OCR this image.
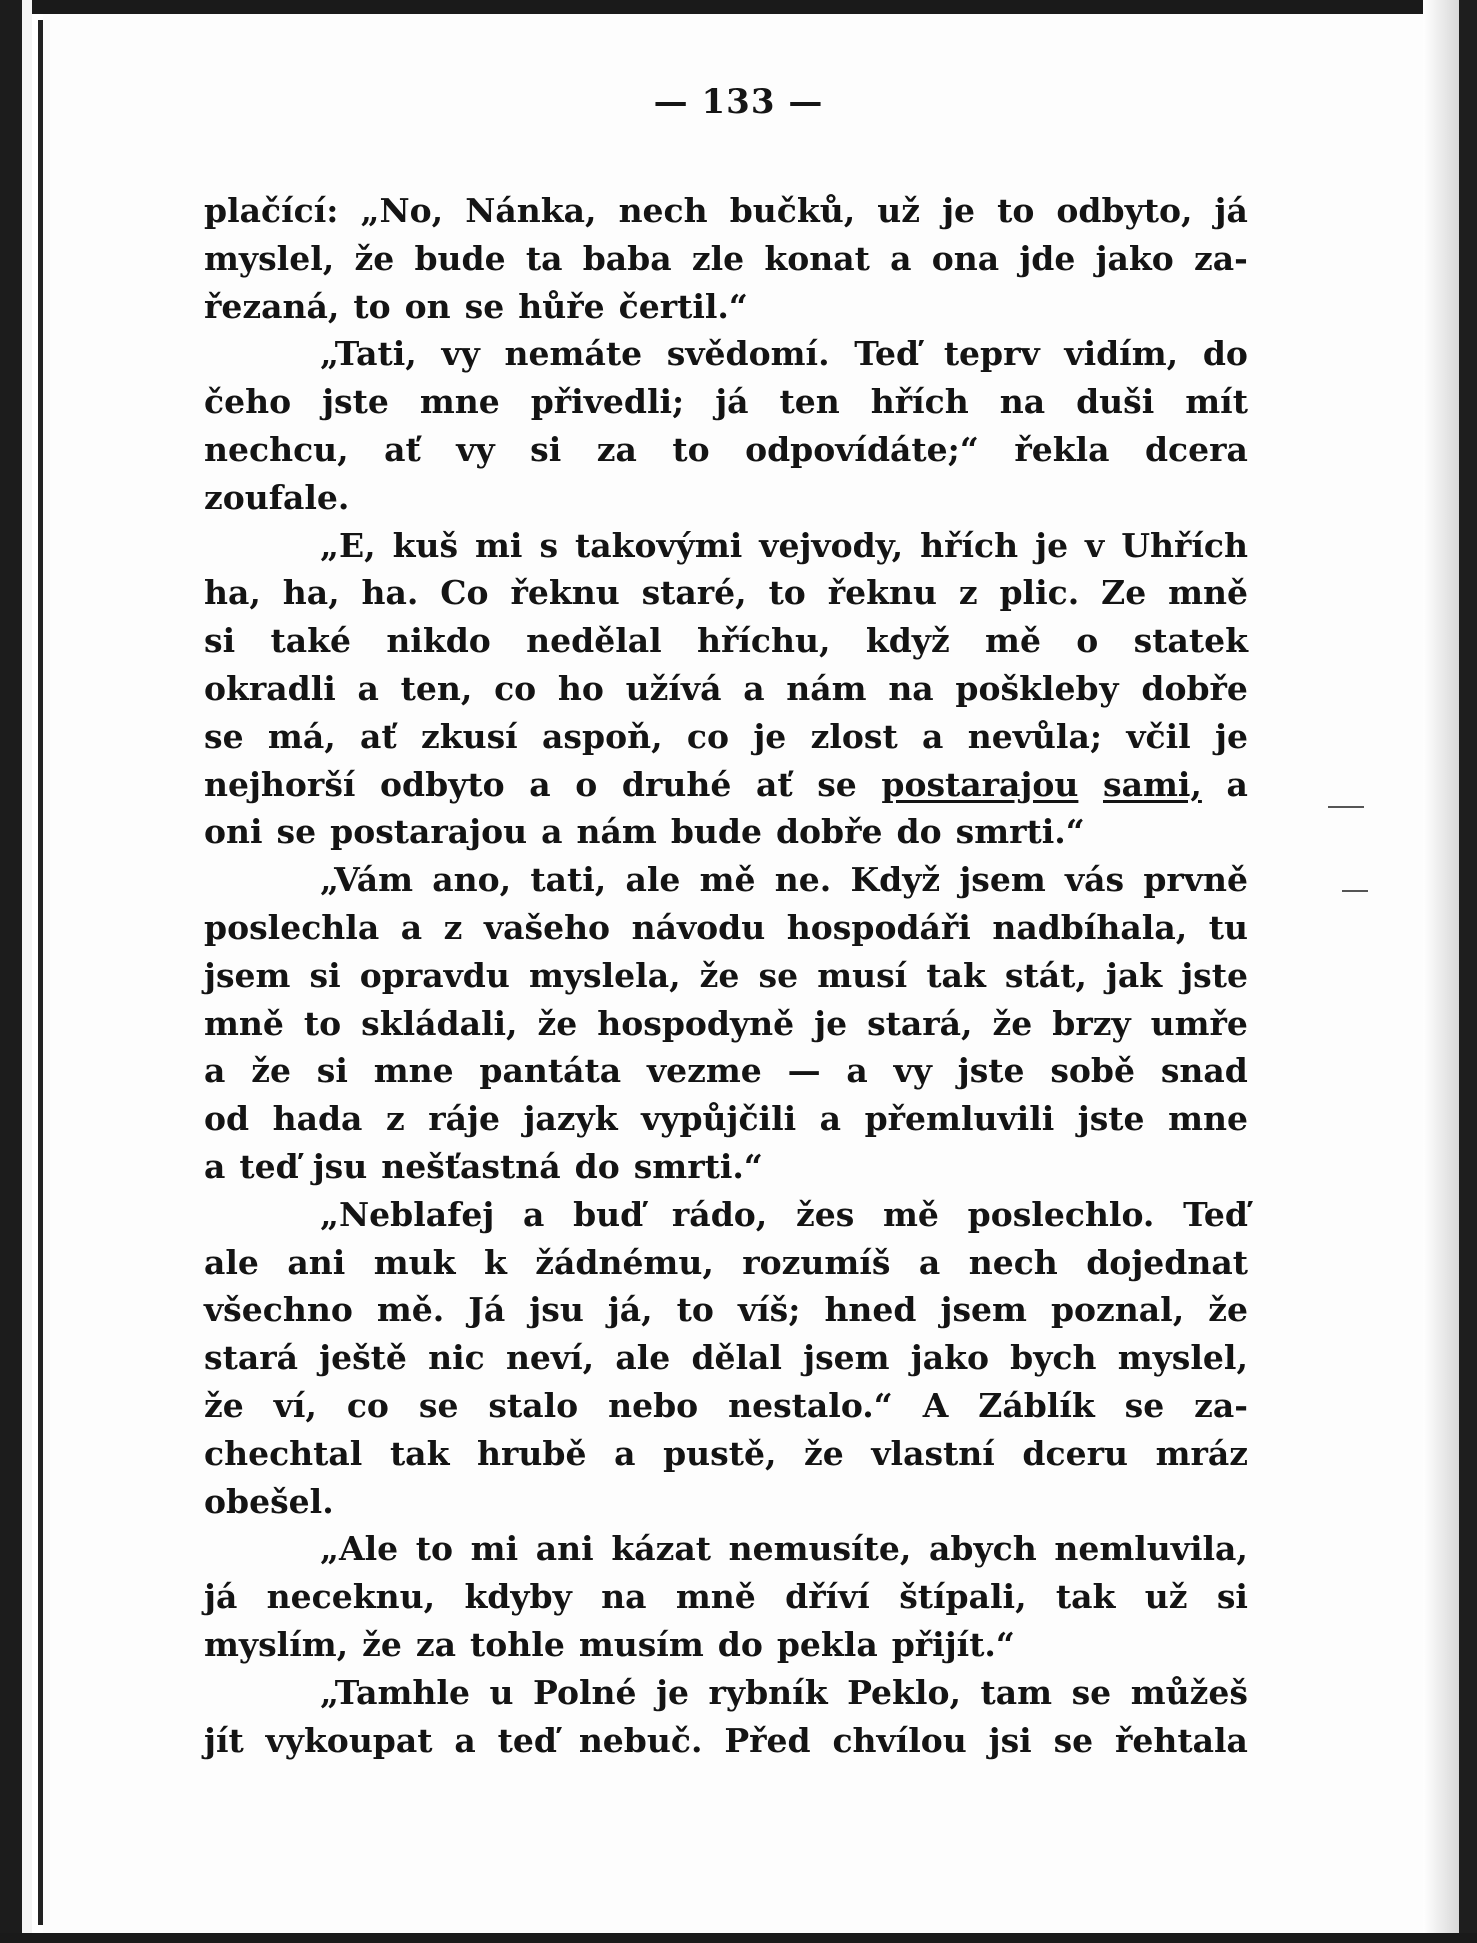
— 133 —
plačící: „No, Nánka, nech bučků, už je to odbyto, já
myslel, že bude ta baba zle konat a ona jde jako za-
řezaná, to on se hůře čertil.“
„Tati, vy nemáte svědomí. Teď teprv vidím, do
čeho jste mne přivedli; já ten hřích na duši mít
nechcu, ať vy si za to odpovídáte;“ řekla dcera
zoufale.
„E, kuš mi s takovými vejvody, hřích je v Uhřích
ha, ha, ha. Co řeknu staré, to řeknu z plic. Ze mně
si také nikdo nedělal hříchu, když mě o statek
okradli a ten, co ho užívá a nám na pošklebу dobře
se má, ať zkusí aspoň, co je zlost a nevůla; včil je
nejhorší odbyto a o druhé ať se postarajou sami, a
oni se postarajou a nám bude dobře do smrti.“
„Vám ano, tati, ale mě ne. Když jsem vás prvně
poslechla a z vašeho návodu hospodáři nadbíhala, tu
jsem si opravdu myslela, že se musí tak stát, jak jste
mně to skládali, že hospodyně je stará, že brzy umře
a že si mne pantáta vezme — a vy jste sobě snad
od hada z ráje jazyk vypůjčili a přemluvili jste mne
a teď jsu nešťastná do smrti.“
„Neblafej a buď rádo, žes mě poslechlo. Teď
ale ani muk k žádnému, rozumíš a nech dojednat
všechno mě. Já jsu já, to víš; hned jsem poznal, že
stará ještě nic neví, ale dělal jsem jako bych myslel,
že ví, co se stalo nebo nestalo.“ A Záblík se za-
chechtal tak hrubě a pustě, že vlastní dceru mráz
obešel.
„Ale to mi ani kázat nemusíte, abych nemluvila,
já neceknu, kdyby na mně dříví štípali, tak už si
myslím, že za tohle musím do pekla přijít.“
„Tamhle u Polné je rybník Peklo, tam se můžeš
jít vykoupat a teď nebuč. Před chvílou jsi se řehtala
